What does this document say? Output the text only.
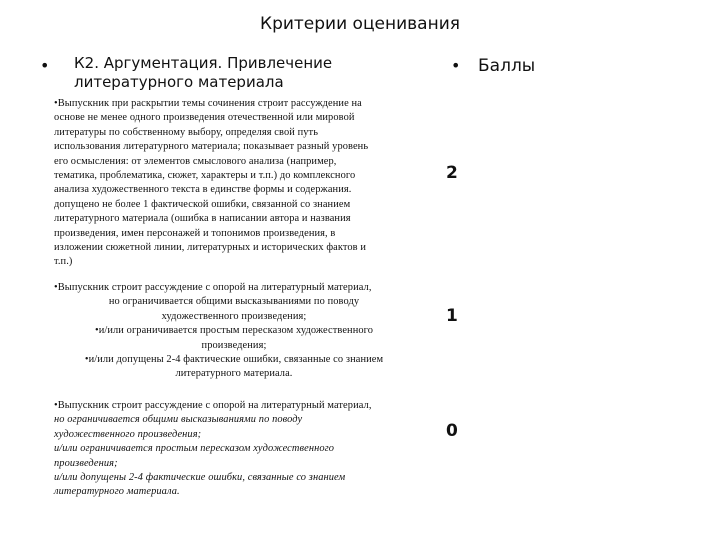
Критерии оценивания
• К2. Аргументация. Привлечение
литературного материала
• Баллы
•Выпускник при раскрытии темы сочинения строит рассуждение на
основе не менее одного произведения отечественной или мировой
литературы по собственному выбору, определяя свой путь
использования литературного материала; показывает разный уровень
его осмысления: от элементов смыслового анализа (например,
тематика, проблематика, сюжет, характеры и т.п.) до комплексного
анализа художественного текста в единстве формы и содержания.
допущено не более 1 фактической ошибки, связанной со знанием
литературного материала (ошибка в написании автора и названия
произведения, имен персонажей и топонимов произведения, в
изложении сюжетной линии, литературных и исторических фактов и
т.п.)
2
•Выпускник строит рассуждение с опорой на литературный материал,
но ограничивается общими высказываниями по поводу
художественного произведения;
•и/или ограничивается простым пересказом художественного
произведения;
•и/или допущены 2-4 фактические ошибки, связанные со знанием
литературного материала.
1
•Выпускник строит рассуждение с опорой на литературный материал,
но ограничивается общими высказываниями по поводу
художественного произведения;
и/или ограничивается простым пересказом художественного
произведения;
и/или допущены 2-4 фактические ошибки, связанные со знанием
литературного материала.
0
